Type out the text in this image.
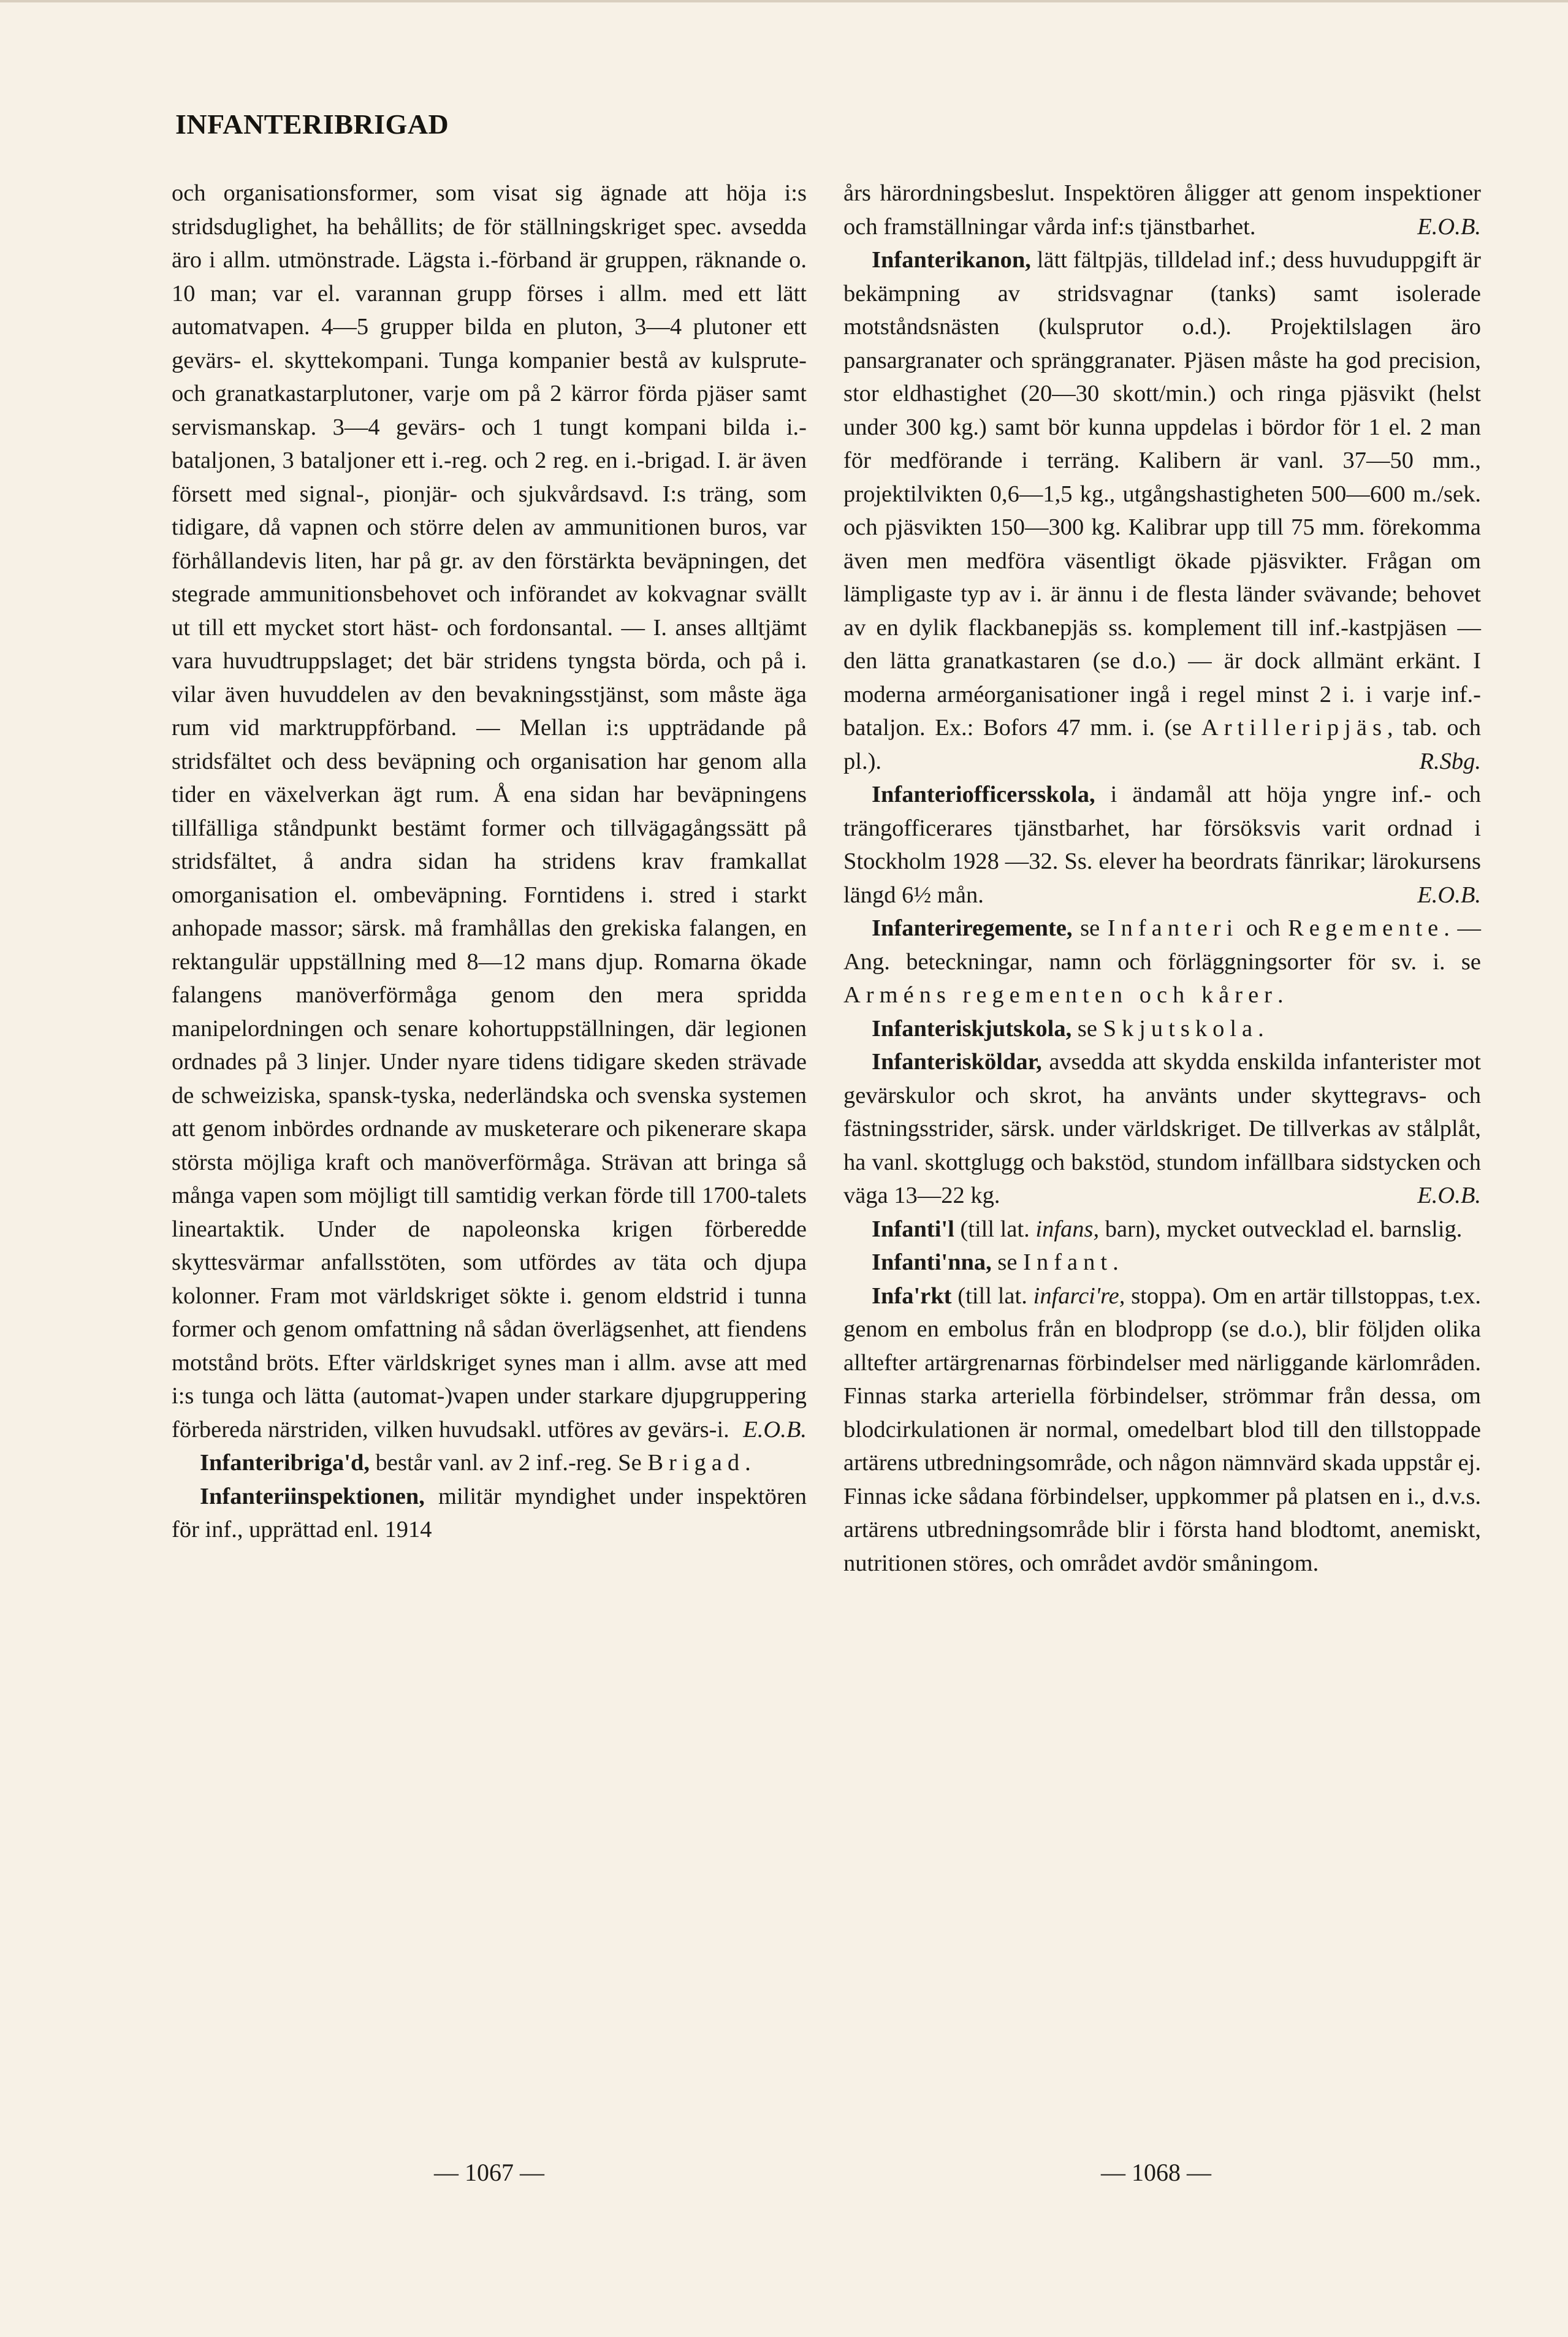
INFANTERIBRIGAD

och organisationsformer, som visat sig ägnade att höja i:s stridsduglighet, ha behållits; de för ställningskriget spec. avsedda äro i allm. utmönstrade. Lägsta i.-förband är gruppen, räknande o. 10 man; var el. varannan grupp förses i allm. med ett lätt automatvapen. 4—5 grupper bilda en pluton, 3—4 plutoner ett gevärs- el. skyttekompani. Tunga kompanier bestå av kulsprute- och granatkastarplutoner, varje om på 2 kärror förda pjäser samt servismanskap. 3—4 gevärs- och 1 tungt kompani bilda i.-bataljonen, 3 bataljoner ett i.-reg. och 2 reg. en i.-brigad. I. är även försett med signal-, pionjär- och sjukvårdsavd. I:s träng, som tidigare, då vapnen och större delen av ammunitionen buros, var förhållandevis liten, har på gr. av den förstärkta beväpningen, det stegrade ammunitionsbehovet och införandet av kokvagnar svällt ut till ett mycket stort häst- och fordonsantal. — I. anses alltjämt vara huvudtruppslaget; det bär stridens tyngsta börda, och på i. vilar även huvuddelen av den bevakningsstjänst, som måste äga rum vid marktruppförband. — Mellan i:s uppträdande på stridsfältet och dess beväpning och organisation har genom alla tider en växelverkan ägt rum. Å ena sidan har beväpningens tillfälliga ståndpunkt bestämt former och tillvägagångssätt på stridsfältet, å andra sidan ha stridens krav framkallat omorganisation el. ombeväpning. Forntidens i. stred i starkt anhopade massor; särsk. må framhållas den grekiska falangen, en rektangulär uppställning med 8—12 mans djup. Romarna ökade falangens manöverförmåga genom den mera spridda manipelordningen och senare kohortuppställningen, där legionen ordnades på 3 linjer. Under nyare tidens tidigare skeden strävade de schweiziska, spansk-tyska, nederländska och svenska systemen att genom inbördes ordnande av musketerare och pikenerare skapa största möjliga kraft och manöverförmåga. Strävan att bringa så många vapen som möjligt till samtidig verkan förde till 1700-talets lineartaktik. Under de napoleonska krigen förberedde skyttesvärmar anfallsstöten, som utfördes av täta och djupa kolonner. Fram mot världskriget sökte i. genom eldstrid i tunna former och genom omfattning nå sådan överlägsenhet, att fiendens motstånd bröts. Efter världskriget synes man i allm. avse att med i:s tunga och lätta (automat-)vapen under starkare djupgruppering förbereda närstriden, vilken huvudsakl. utföres av gevärs-i. E.O.B.

Infanteribriga'd, består vanl. av 2 inf.-reg. Se Brigad.

Infanteriinspektionen, militär myndighet under inspektören för inf., upprättad enl. 1914

års härordningsbeslut. Inspektören åligger att genom inspektioner och framställningar vårda inf:s tjänstbarhet.	E.O.B.

Infanterikanon, lätt fältpjäs, tilldelad inf.; dess huvuduppgift är bekämpning av stridsvagnar (tanks) samt isolerade motståndsnästen (kulsprutor o.d.). Projektilslagen äro pansargranater och spränggranater. Pjäsen måste ha god precision, stor eldhastighet (20—30 skott/min.) och ringa pjäsvikt (helst under 300 kg.) samt bör kunna uppdelas i bördor för 1 el. 2 man för medförande i terräng. Kalibern är vanl. 37—50 mm., projektilvikten 0,6—1,5 kg., utgångshastigheten 500—600 m./sek. och pjäsvikten 150—300 kg. Kalibrar upp till 75 mm. förekomma även men medföra väsentligt ökade pjäsvikter. Frågan om lämpligaste typ av i. är ännu i de flesta länder svävande; behovet av en dylik flackbanepjäs ss. komplement till inf.-kastpjäsen — den lätta granatkastaren (se d.o.) — är dock allmänt erkänt. I moderna arméorganisationer ingå i regel minst 2 i. i varje inf.-bataljon. Ex.: Bofors 47 mm. i. (se Artilleripjäs, tab. och pl.).	R.Sbg.

Infanteriofficersskola, i ändamål att höja yngre inf.- och trängofficerares tjänstbarhet, har försöksvis varit ordnad i Stockholm 1928 —32. Ss. elever ha beordrats fänrikar; lärokursens längd 6½ mån.	E.O.B.

Infanteriregemente, se Infanteri och Regemente. — Ang. beteckningar, namn och förläggningsorter för sv. i. se Arméns regementen och kårer.

Infanteriskjutskola, se Skjutskola.

Infanterisköldar, avsedda att skydda enskilda infanterister mot gevärskulor och skrot, ha använts under skyttegravs- och fästningsstrider, särsk. under världskriget. De tillverkas av stålplåt, ha vanl. skottglugg och bakstöd, stundom infällbara sidstycken och väga 13—22 kg.	E.O.B.

Infanti'l (till lat. infans, barn), mycket outvecklad el. barnslig.

Infanti'nna, se Infant.

Infa'rkt (till lat. infarci're, stoppa). Om en artär tillstoppas, t.ex. genom en embolus från en blodpropp (se d.o.), blir följden olika alltefter artärgrenarnas förbindelser med närliggande kärlområden. Finnas starka arteriella förbindelser, strömmar från dessa, om blodcirkulationen är normal, omedelbart blod till den tillstoppade artärens utbredningsområde, och någon nämnvärd skada uppstår ej. Finnas icke sådana förbindelser, uppkommer på platsen en i., d.v.s. artärens utbredningsområde blir i första hand blodtomt, anemiskt, nutritionen störes, och området avdör småningom.

— 1067 —	— 1068 —
